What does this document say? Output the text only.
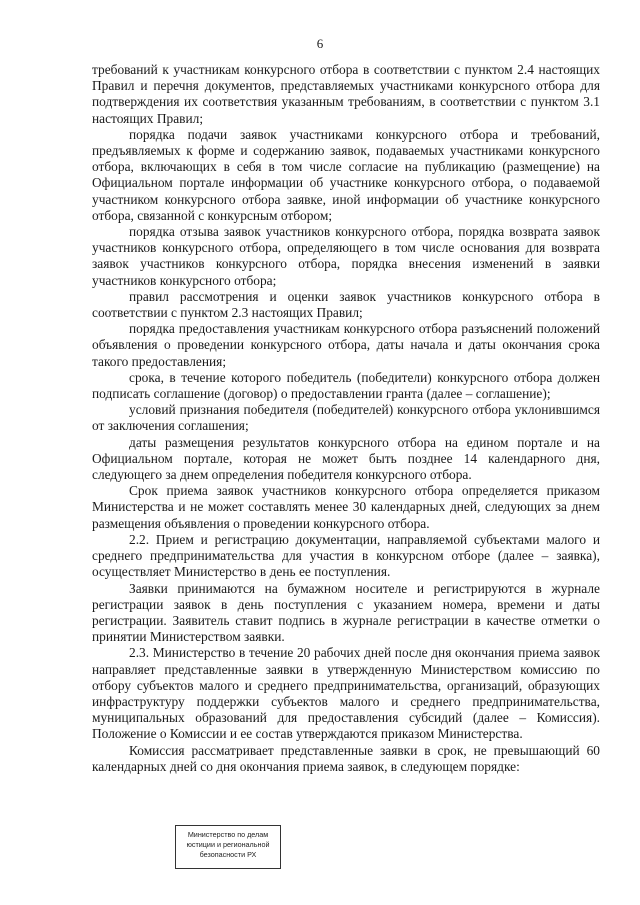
6

требований к участникам конкурсного отбора в соответствии с пунктом 2.4 настоящих Правил и перечня документов, представляемых участниками конкурсного отбора для подтверждения их соответствия указанным требованиям, в соответствии с пунктом 3.1 настоящих Правил;

порядка подачи заявок участниками конкурсного отбора и требований, предъявляемых к форме и содержанию заявок, подаваемых участниками конкурсного отбора, включающих в себя в том числе согласие на публикацию (размещение) на Официальном портале информации об участнике конкурсного отбора, о подаваемой участником конкурсного отбора заявке, иной информации об участнике конкурсного отбора, связанной с конкурсным отбором;

порядка отзыва заявок участников конкурсного отбора, порядка возврата заявок участников конкурсного отбора, определяющего в том числе основания для возврата заявок участников конкурсного отбора, порядка внесения изменений в заявки участников конкурсного отбора;

правил рассмотрения и оценки заявок участников конкурсного отбора в соответствии с пунктом 2.3 настоящих Правил;

порядка предоставления участникам конкурсного отбора разъяснений положений объявления о проведении конкурсного отбора, даты начала и даты окончания срока такого предоставления;

срока, в течение которого победитель (победители) конкурсного отбора должен подписать соглашение (договор) о предоставлении гранта (далее – соглашение);

условий признания победителя (победителей) конкурсного отбора уклонившимся от заключения соглашения;

даты размещения результатов конкурсного отбора на едином портале и на Официальном портале, которая не может быть позднее 14 календарного дня, следующего за днем определения победителя конкурсного отбора.

Срок приема заявок участников конкурсного отбора определяется приказом Министерства и не может составлять менее 30 календарных дней, следующих за днем размещения объявления о проведении конкурсного отбора.

2.2. Прием и регистрацию документации, направляемой субъектами малого и среднего предпринимательства для участия в конкурсном отборе (далее – заявка), осуществляет Министерство в день ее поступления.

Заявки принимаются на бумажном носителе и регистрируются в журнале регистрации заявок в день поступления с указанием номера, времени и даты регистрации. Заявитель ставит подпись в журнале регистрации в качестве отметки о принятии Министерством заявки.

2.3. Министерство в течение 20 рабочих дней после дня окончания приема заявок направляет представленные заявки в утвержденную Министерством комиссию по отбору субъектов малого и среднего предпринимательства, организаций, образующих инфраструктуру поддержки субъектов малого и среднего предпринимательства, муниципальных образований для предоставления субсидий (далее – Комиссия). Положение о Комиссии и ее состав утверждаются приказом Министерства.

Комиссия рассматривает представленные заявки в срок, не превышающий 60 календарных дней со дня окончания приема заявок, в следующем порядке:

Министерство по делам
юстиции и региональной
безопасности РХ
